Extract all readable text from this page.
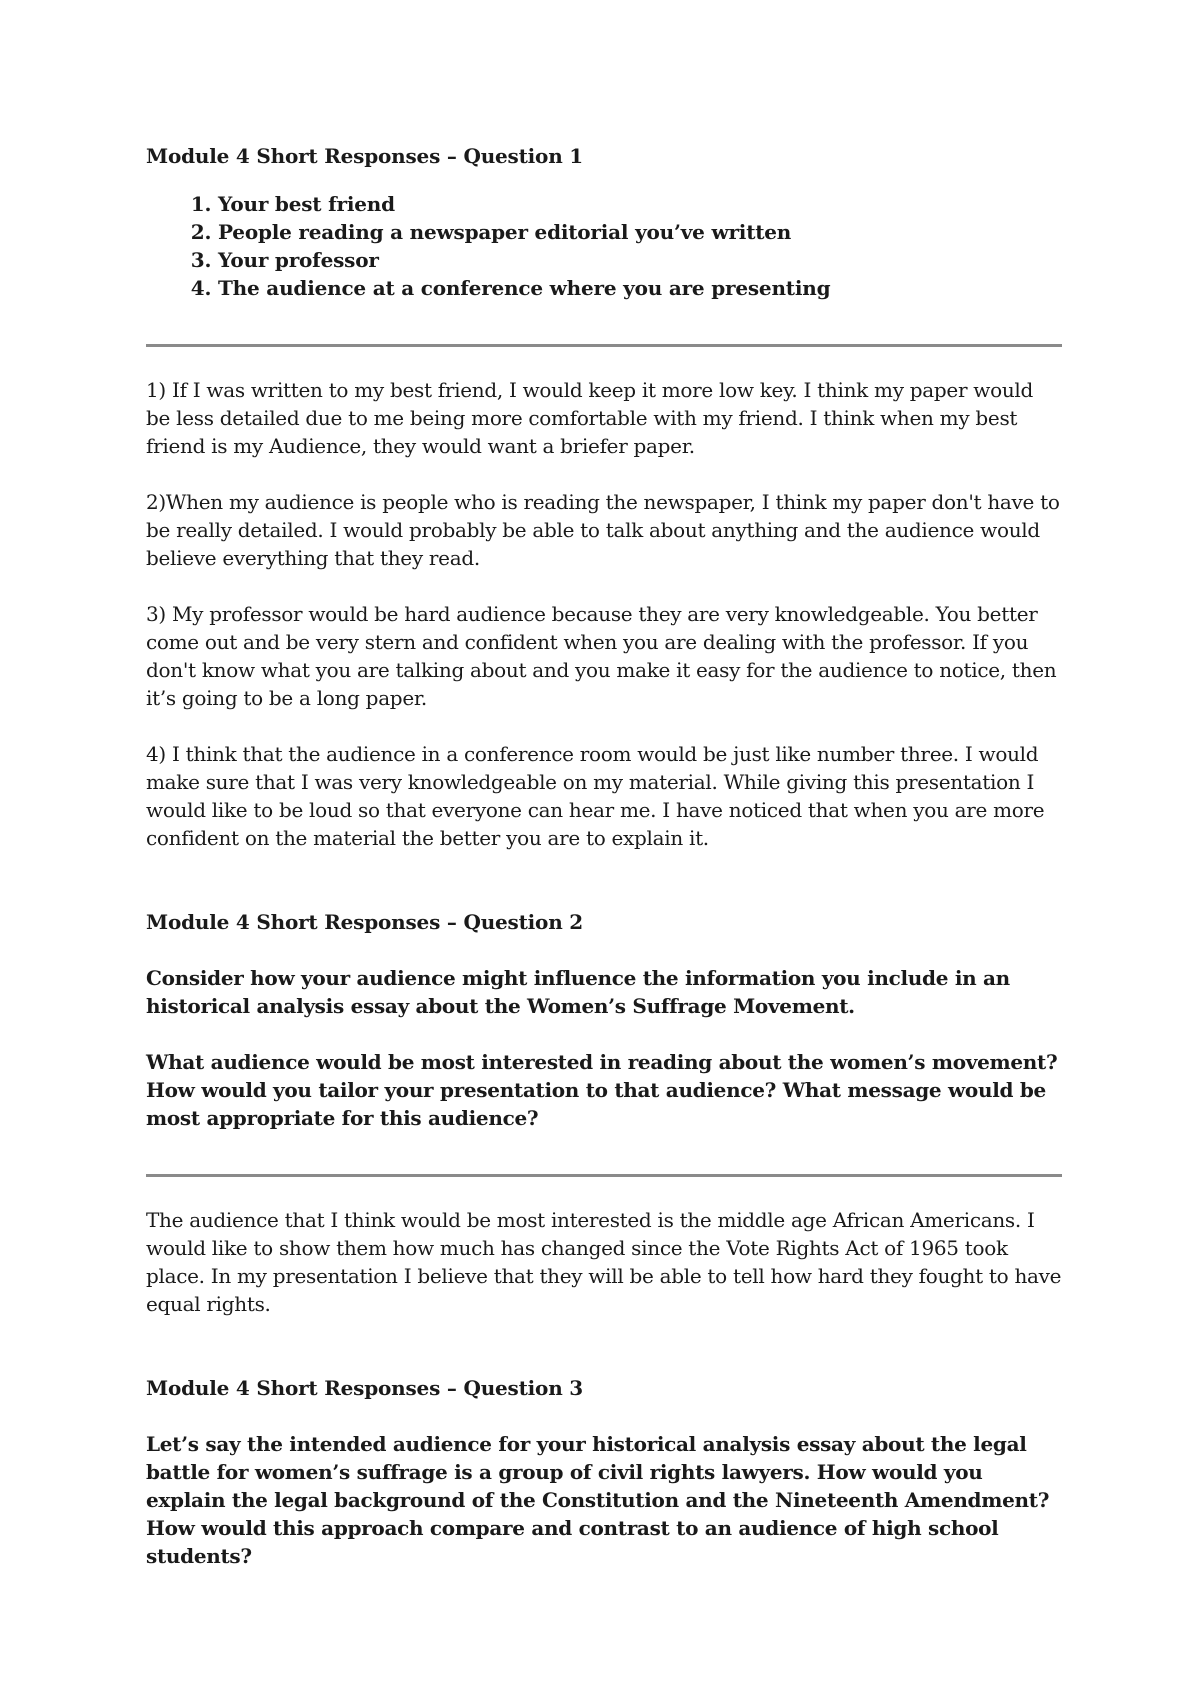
Module 4 Short Responses – Question 1

1. Your best friend
2. People reading a newspaper editorial you’ve written
3. Your professor
4. The audience at a conference where you are presenting

1) If I was written to my best friend, I would keep it more low key. I think my paper would be less detailed due to me being more comfortable with my friend. I think when my best friend is my Audience, they would want a briefer paper.

2)When my audience is people who is reading the newspaper, I think my paper don't have to be really detailed. I would probably be able to talk about anything and the audience would believe everything that they read.

3) My professor would be hard audience because they are very knowledgeable. You better come out and be very stern and confident when you are dealing with the professor. If you don't know what you are talking about and you make it easy for the audience to notice, then it’s going to be a long paper.

4) I think that the audience in a conference room would be just like number three. I would make sure that I was very knowledgeable on my material. While giving this presentation I would like to be loud so that everyone can hear me. I have noticed that when you are more confident on the material the better you are to explain it.

Module 4 Short Responses – Question 2

Consider how your audience might influence the information you include in an historical analysis essay about the Women’s Suffrage Movement.

What audience would be most interested in reading about the women’s movement? How would you tailor your presentation to that audience? What message would be most appropriate for this audience?

The audience that I think would be most interested is the middle age African Americans. I would like to show them how much has changed since the Vote Rights Act of 1965 took place. In my presentation I believe that they will be able to tell how hard they fought to have equal rights.

Module 4 Short Responses – Question 3

Let’s say the intended audience for your historical analysis essay about the legal battle for women’s suffrage is a group of civil rights lawyers. How would you explain the legal background of the Constitution and the Nineteenth Amendment? How would this approach compare and contrast to an audience of high school students?
